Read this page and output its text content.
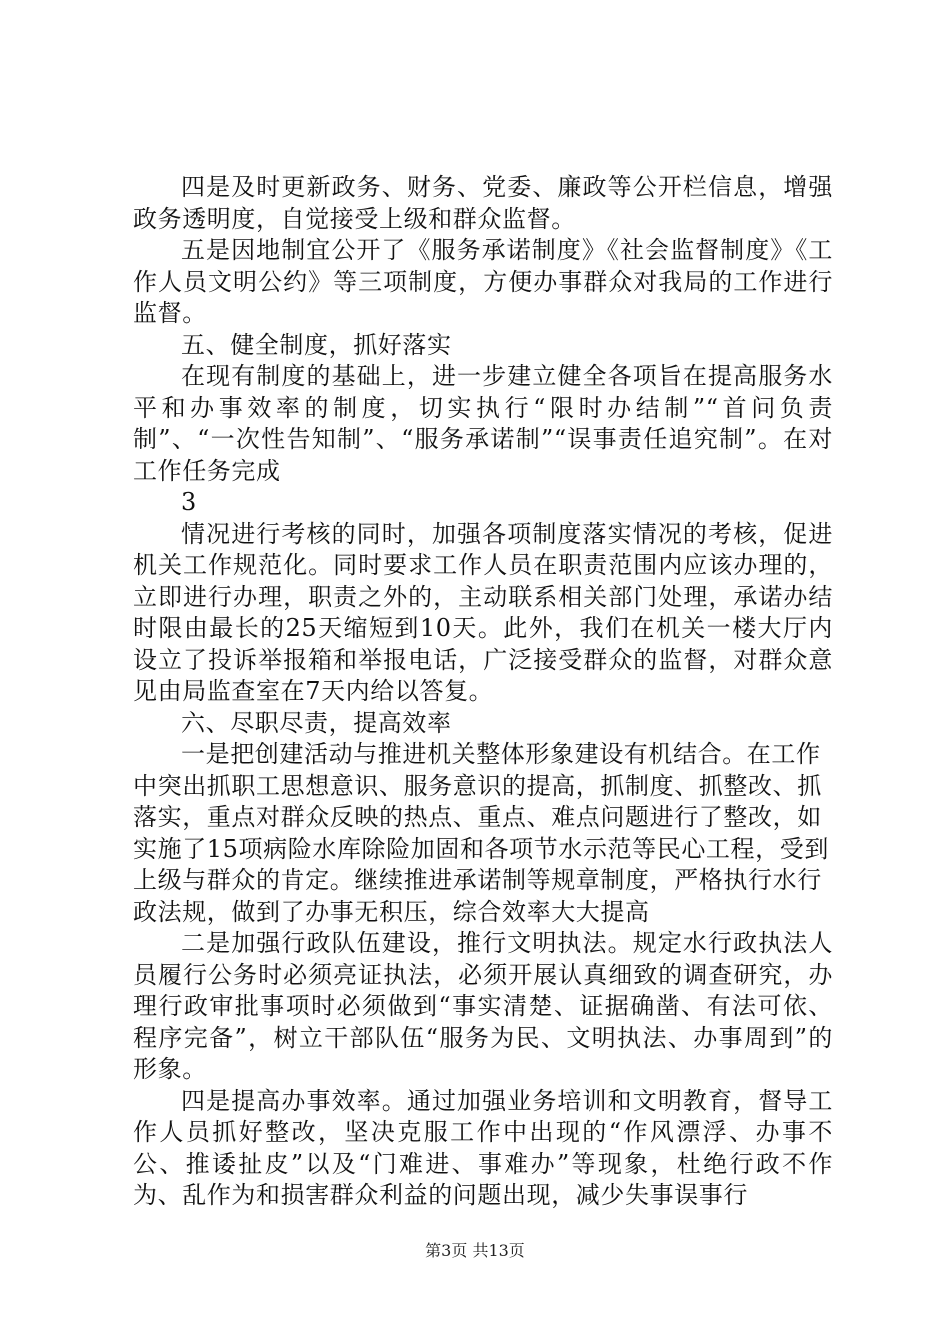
四是及时更新政务、财务、党委、廉政等公开栏信息，增强政务透明度，自觉接受上级和群众监督。

五是因地制宜公开了《服务承诺制度》《社会监督制度》《工作人员文明公约》等三项制度，方便办事群众对我局的工作进行监督。

五、健全制度，抓好落实

在现有制度的基础上，进一步建立健全各项旨在提高服务水平和办事效率的制度，切实执行“限时办结制”“首问负责制”、“一次性告知制”、“服务承诺制”“误事责任追究制”。在对工作任务完成

3

情况进行考核的同时，加强各项制度落实情况的考核，促进机关工作规范化。同时要求工作人员在职责范围内应该办理的，立即进行办理，职责之外的，主动联系相关部门处理，承诺办结时限由最长的25天缩短到10天。此外，我们在机关一楼大厅内设立了投诉举报箱和举报电话，广泛接受群众的监督，对群众意见由局监查室在7天内给以答复。

六、尽职尽责，提高效率

一是把创建活动与推进机关整体形象建设有机结合。在工作中突出抓职工思想意识、服务意识的提高，抓制度、抓整改、抓落实，重点对群众反映的热点、重点、难点问题进行了整改，如实施了15项病险水库除险加固和各项节水示范等民心工程，受到上级与群众的肯定。继续推进承诺制等规章制度，严格执行水行政法规，做到了办事无积压，综合效率大大提高

二是加强行政队伍建设，推行文明执法。规定水行政执法人员履行公务时必须亮证执法，必须开展认真细致的调查研究，办理行政审批事项时必须做到“事实清楚、证据确凿、有法可依、程序完备”，树立干部队伍“服务为民、文明执法、办事周到”的形象。

四是提高办事效率。通过加强业务培训和文明教育，督导工作人员抓好整改，坚决克服工作中出现的“作风漂浮、办事不公、推诿扯皮”以及“门难进、事难办”等现象，杜绝行政不作为、乱作为和损害群众利益的问题出现，减少失事误事行

第3页 共13页
